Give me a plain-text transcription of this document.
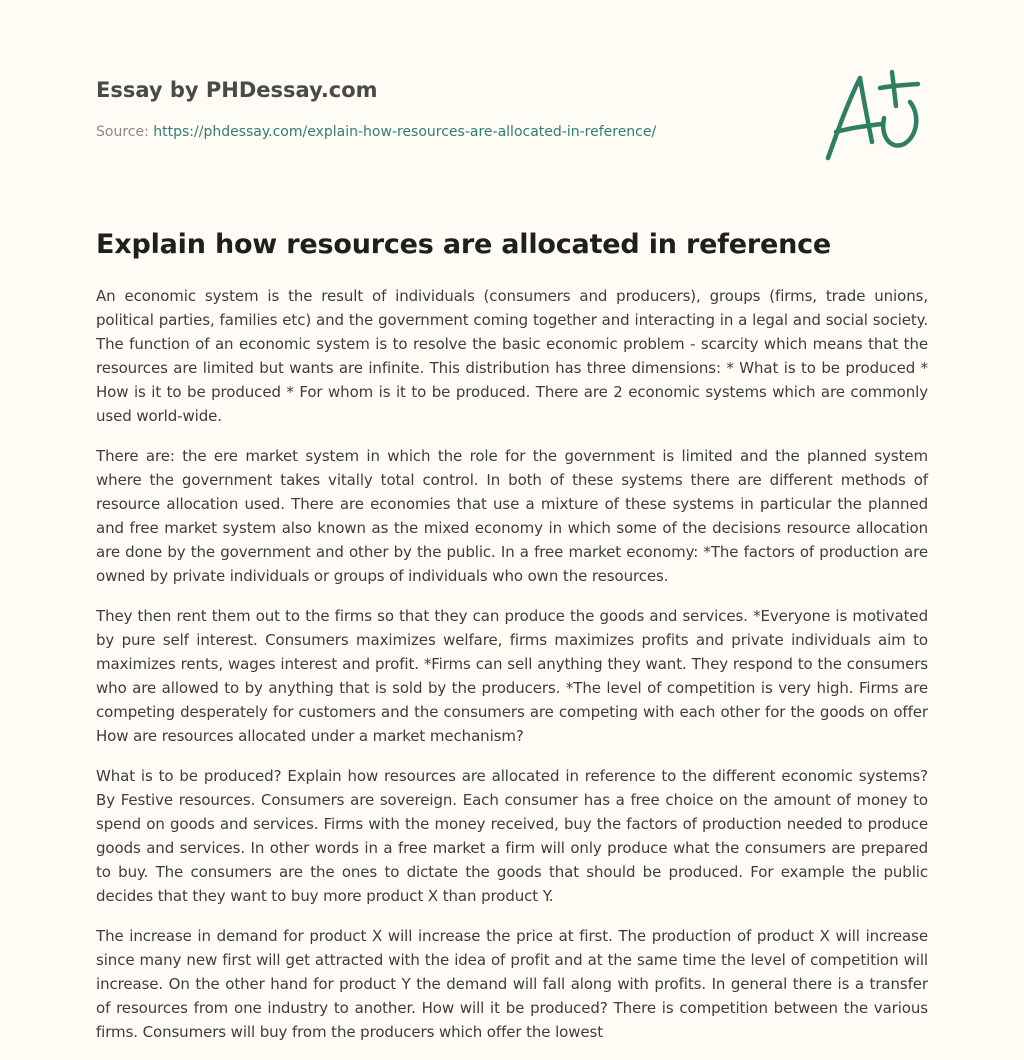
Essay by PHDessay.com
Source: https://phdessay.com/explain-how-resources-are-allocated-in-reference/
Explain how resources are allocated in reference

An economic system is the result of individuals (consumers and producers), groups (firms, trade unions, political parties, families etc) and the government coming together and interacting in a legal and social society. The function of an economic system is to resolve the basic economic problem - scarcity which means that the resources are limited but wants are infinite. This distribution has three dimensions: * What is to be produced * How is it to be produced * For whom is it to be produced. There are 2 economic systems which are commonly used world-wide.

There are: the ere market system in which the role for the government is limited and the planned system where the government takes vitally total control. In both of these systems there are different methods of resource allocation used. There are economies that use a mixture of these systems in particular the planned and free market system also known as the mixed economy in which some of the decisions resource allocation are done by the government and other by the public. In a free market economy: *The factors of production are owned by private individuals or groups of individuals who own the resources.

They then rent them out to the firms so that they can produce the goods and services. *Everyone is motivated by pure self interest. Consumers maximizes welfare, firms maximizes profits and private individuals aim to maximizes rents, wages interest and profit. *Firms can sell anything they want. They respond to the consumers who are allowed to by anything that is sold by the producers. *The level of competition is very high. Firms are competing desperately for customers and the consumers are competing with each other for the goods on offer How are resources allocated under a market mechanism?

What is to be produced? Explain how resources are allocated in reference to the different economic systems? By Festive resources. Consumers are sovereign. Each consumer has a free choice on the amount of money to spend on goods and services. Firms with the money received, buy the factors of production needed to produce goods and services. In other words in a free market a firm will only produce what the consumers are prepared to buy. The consumers are the ones to dictate the goods that should be produced. For example the public decides that they want to buy more product X than product Y.

The increase in demand for product X will increase the price at first. The production of product X will increase since many new first will get attracted with the idea of profit and at the same time the level of competition will increase. On the other hand for product Y the demand will fall along with profits. In general there is a transfer of resources from one industry to another. How will it be produced? There is competition between the various firms. Consumers will buy from the producers which offer the lowest
